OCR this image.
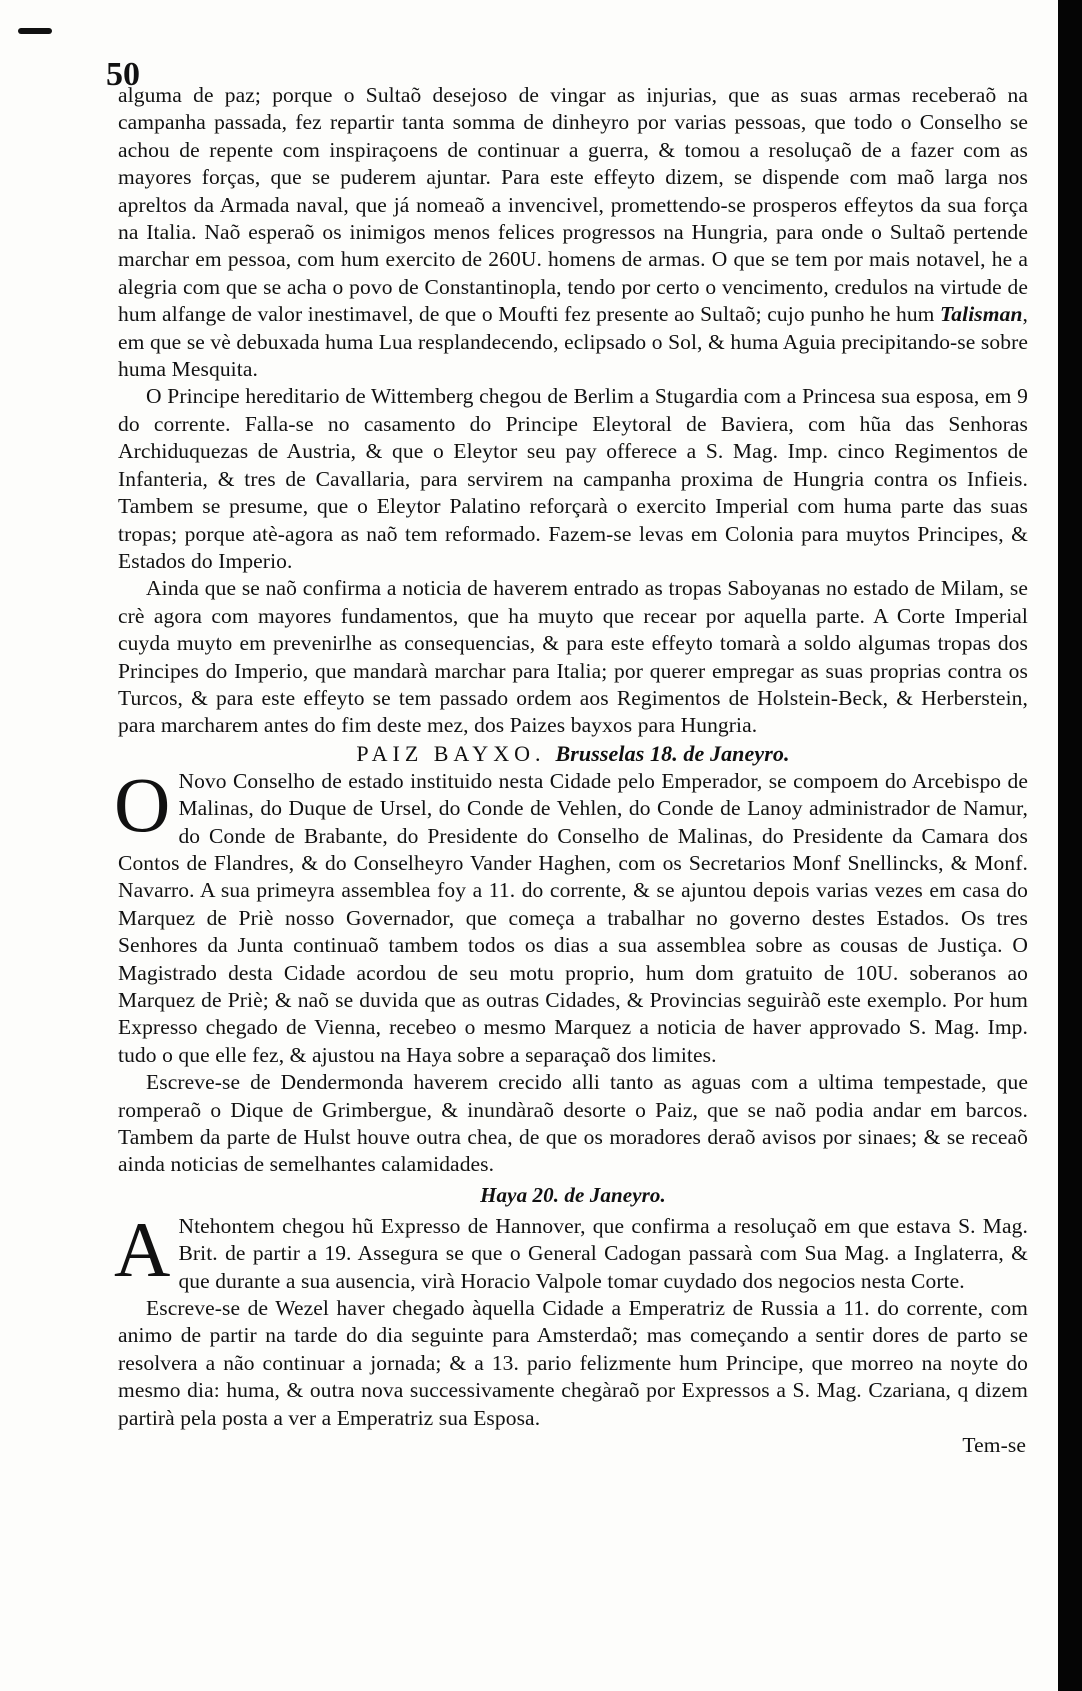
50

alguma de paz; porque o Sultaõ desejoso de vingar as injurias, que as suas armas receberaõ na campanha passada, fez repartir tanta somma de dinheyro por varias pessoas, que todo o Conselho se achou de repente com inspiraçoens de continuar a guerra, & tomou a resoluçaõ de a fazer com as mayores forças, que se puderem ajuntar. Para este effeyto dizem, se dispende com maõ larga nos apreltos da Armada naval, que já nomeaõ a invencivel, promettendo-se prosperos effeytos da sua força na Italia. Naõ esperaõ os inimigos menos felices progressos na Hungria, para onde o Sultaõ pertende marchar em pessoa, com hum exercito de 260U. homens de armas. O que se tem por mais notavel, he a alegria com que se acha o povo de Constantinopla, tendo por certo o vencimento, credulos na virtude de hum alfange de valor inestimavel, de que o Moufti fez presente ao Sultaõ; cujo punho he hum Talisman, em que se vè debuxada huma Lua resplandecendo, eclipsado o Sol, & huma Aguia precipitando-se sobre huma Mesquita.

O Principe hereditario de Wittemberg chegou de Berlim a Stugardia com a Princesa sua esposa, em 9 do corrente. Falla-se no casamento do Principe Eleytoral de Baviera, com hũa das Senhoras Archiduquezas de Austria, & que o Eleytor seu pay offerece a S. Mag. Imp. cinco Regimentos de Infanteria, & tres de Cavallaria, para servirem na campanha proxima de Hungria contra os Infieis. Tambem se presume, que o Eleytor Palatino reforçarà o exercito Imperial com huma parte das suas tropas; porque atè-agora as naõ tem reformado. Fazem-se levas em Colonia para muytos Principes, & Estados do Imperio.

Ainda que se naõ confirma a noticia de haverem entrado as tropas Saboyanas no estado de Milam, se crè agora com mayores fundamentos, que ha muyto que recear por aquella parte. A Corte Imperial cuyda muyto em prevenirlhe as consequencias, & para este effeyto tomarà a soldo algumas tropas dos Principes do Imperio, que mandarà marchar para Italia; por querer empregar as suas proprias contra os Turcos, & para este effeyto se tem passado ordem aos Regimentos de Holstein-Beck, & Herberstein, para marcharem antes do fim deste mez, dos Paizes bayxos para Hungria.

PAIZ BAYXO. Brusselas 18. de Janeyro.

O Novo Conselho de estado instituido nesta Cidade pelo Emperador, se compoem do Arcebispo de Malinas, do Duque de Ursel, do Conde de Vehlen, do Conde de Lanoy administrador de Namur, do Conde de Brabante, do Presidente do Conselho de Malinas, do Presidente da Camara dos Contos de Flandres, & do Conselheyro Vander Haghen, com os Secretarios Monf Snellincks, & Monf. Navarro. A sua primeyra assemblea foy a 11. do corrente, & se ajuntou depois varias vezes em casa do Marquez de Priè nosso Governador, que começa a trabalhar no governo destes Estados. Os tres Senhores da Junta continuaõ tambem todos os dias a sua assemblea sobre as cousas de Justiça. O Magistrado desta Cidade acordou de seu motu proprio, hum dom gratuito de 10U. soberanos ao Marquez de Priè; & naõ se duvida que as outras Cidades, & Provincias seguiràõ este exemplo. Por hum Expresso chegado de Vienna, recebeo o mesmo Marquez a noticia de haver approvado S. Mag. Imp. tudo o que elle fez, & ajustou na Haya sobre a separaçaõ dos limites.

Escreve-se de Dendermonda haverem crecido alli tanto as aguas com a ultima tempestade, que romperaõ o Dique de Grimbergue, & inundàraõ desorte o Paiz, que se naõ podia andar em barcos. Tambem da parte de Hulst houve outra chea, de que os moradores deraõ avisos por sinaes; & se receaõ ainda noticias de semelhantes calamidades.

Haya 20. de Janeyro.

A Ntehontem chegou hũ Expresso de Hannover, que confirma a resoluçaõ em que estava S. Mag. Brit. de partir a 19. Assegura se que o General Cadogan passarà com Sua Mag. a Inglaterra, & que durante a sua ausencia, virà Horacio Valpole tomar cuydado dos negocios nesta Corte.

Escreve-se de Wezel haver chegado àquella Cidade a Emperatriz de Russia a 11. do corrente, com animo de partir na tarde do dia seguinte para Amsterdaõ; mas começando a sentir dores de parto se resolvera a não continuar a jornada; & a 13. pario felizmente hum Principe, que morreo na noyte do mesmo dia: huma, & outra nova successivamente chegàraõ por Expressos a S. Mag. Czariana, q dizem partirà pela posta a ver a Emperatriz sua Esposa.

Tem-se
